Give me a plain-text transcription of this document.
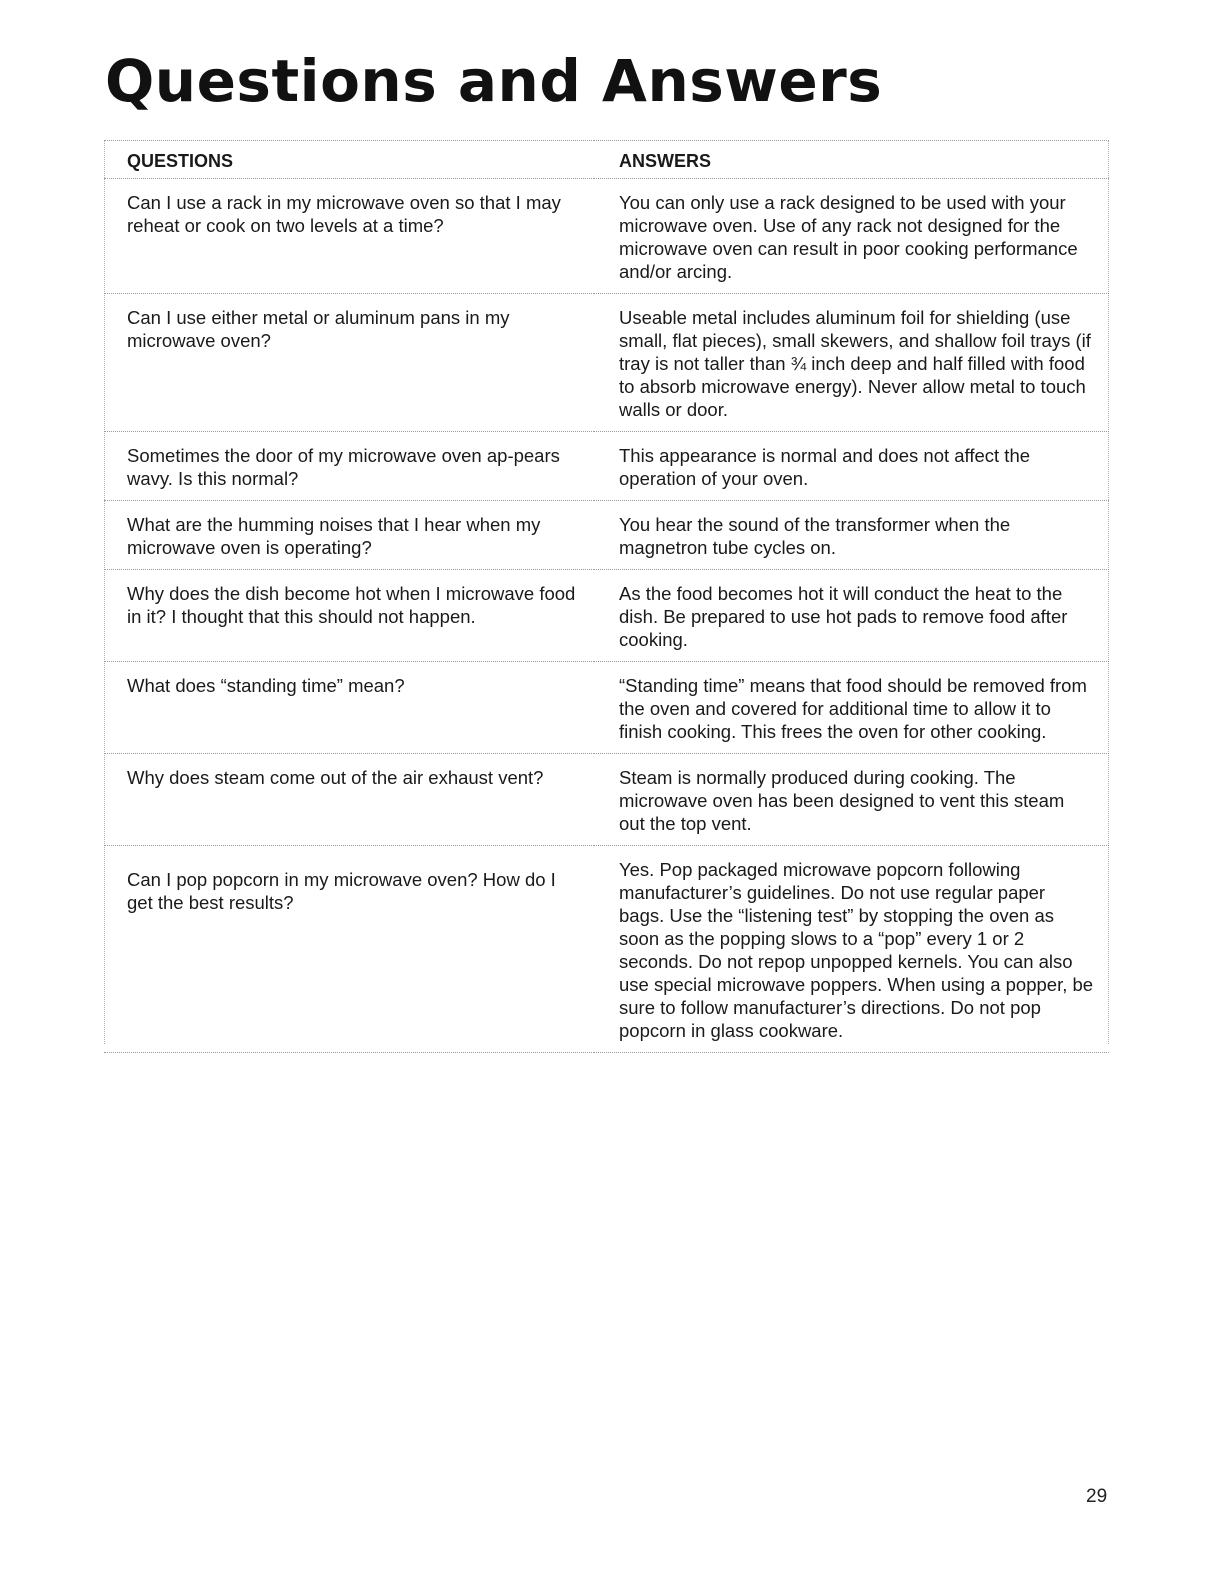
Questions and Answers
QUESTIONS	ANSWERS
Can I use a rack in my microwave oven so that I may reheat or cook on two levels at a time?	You can only use a rack designed to be used with your microwave oven. Use of any rack not designed for the microwave oven can result in poor cooking performance and/or arcing.
Can I use either metal or aluminum pans in my microwave oven?	Useable metal includes aluminum foil for shielding (use small, flat pieces), small skewers, and shallow foil trays (if tray is not taller than ¾ inch deep and half filled with food to absorb microwave energy). Never allow metal to touch walls or door.
Sometimes the door of my microwave oven ap-pears wavy. Is this normal?	This appearance is normal and does not affect the operation of your oven.
What are the humming noises that I hear when my microwave oven is operating?	You hear the sound of the transformer when the magnetron tube cycles on.
Why does the dish become hot when I microwave food in it? I thought that this should not happen.	As the food becomes hot it will conduct the heat to the dish. Be prepared to use hot pads to remove food after cooking.
What does “standing time” mean?	“Standing time” means that food should be removed from the oven and covered for additional time to allow it to finish cooking. This frees the oven for other cooking.
Why does steam come out of the air exhaust vent?	Steam is normally produced during cooking. The microwave oven has been designed to vent this steam out the top vent.
Can I pop popcorn in my microwave oven? How do I get the best results?	Yes. Pop packaged microwave popcorn following manufacturer’s guidelines. Do not use regular paper bags. Use the “listening test” by stopping the oven as soon as the popping slows to a “pop” every 1 or 2 seconds. Do not repop unpopped kernels. You can also use special microwave poppers. When using a popper, be sure to follow manufacturer’s directions. Do not pop popcorn in glass cookware.
29
